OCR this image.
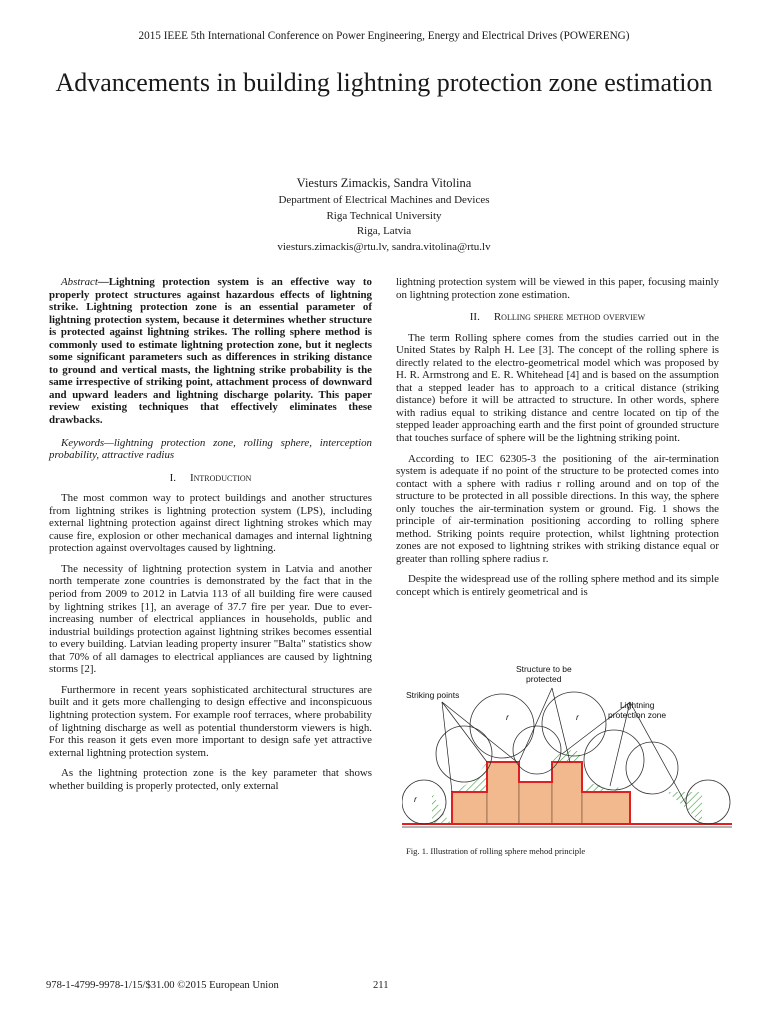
2015 IEEE 5th International Conference on Power Engineering, Energy and Electrical Drives (POWERENG)
Advancements in building lightning protection zone estimation
Viesturs Zimackis, Sandra Vitolina
Department of Electrical Machines and Devices
Riga Technical University
Riga, Latvia
viesturs.zimackis@rtu.lv, sandra.vitolina@rtu.lv

Abstract—Lightning protection system is an effective way to properly protect structures against hazardous effects of lightning strike. Lightning protection zone is an essential parameter of lightning protection system, because it determines whether structure is protected against lightning strikes. The rolling sphere method is commonly used to estimate lightning protection zone, but it neglects some significant parameters such as differences in striking distance to ground and vertical masts, the lightning strike probability is the same irrespective of striking point, attachment process of downward and upward leaders and lightning discharge polarity. This paper review existing techniques that effectively eliminates these drawbacks.

Keywords—lightning protection zone, rolling sphere, interception probability, attractive radius

I. Introduction

The most common way to protect buildings and another structures from lightning strikes is lightning protection system (LPS), including external lightning protection against direct lightning strokes which may cause fire, explosion or other mechanical damages and internal lightning protection against overvoltages caused by lightning.

The necessity of lightning protection system in Latvia and another north temperate zone countries is demonstrated by the fact that in the period from 2009 to 2012 in Latvia 113 of all building fire were caused by lightning strikes [1], an average of 37.7 fire per year. Due to ever-increasing number of electrical appliances in households, public and industrial buildings protection against lightning strikes becomes essential to every building. Latvian leading property insurer "Balta" statistics show that 70% of all damages to electrical appliances are caused by lightning storms [2].

Furthermore in recent years sophisticated architectural structures are built and it gets more challenging to design effective and inconspicuous lightning protection system. For example roof terraces, where probability of lightning discharge as well as potential thunderstorm viewers is high. For this reason it gets even more important to design safe yet attractive external lightning protection system.

As the lightning protection zone is the key parameter that shows whether building is properly protected, only external

lightning protection system will be viewed in this paper, focusing mainly on lightning protection zone estimation.

II. Rolling sphere method overview

The term Rolling sphere comes from the studies carried out in the United States by Ralph H. Lee [3]. The concept of the rolling sphere is directly related to the electro-geometrical model which was proposed by H. R. Armstrong and E. R. Whitehead [4] and is based on the assumption that a stepped leader has to approach to a critical distance (striking distance) before it will be attracted to structure. In other words, sphere with radius equal to striking distance and centre located on tip of the stepped leader approaching earth and the first point of grounded structure that touches surface of sphere will be the lightning striking point.

According to IEC 62305-3 the positioning of the air-termination system is adequate if no point of the structure to be protected comes into contact with a sphere with radius r rolling around and on top of the structure to be protected in all possible directions. In this way, the sphere only touches the air-termination system or ground. Fig. 1 shows the principle of air-termination positioning according to rolling sphere method. Striking points require protection, whilst lightning protection zones are not exposed to lightning strikes with striking distance equal or greater than rolling sphere radius r.

Despite the widespread use of the rolling sphere method and its simple concept which is entirely geometrical and is

Striking points
Structure to be
protected
Lightning
protection zone
r	r
r
Fig. 1. Illustration of rolling sphere mehod principle
978-1-4799-9978-1/15/$31.00 ©2015 European Union	211
